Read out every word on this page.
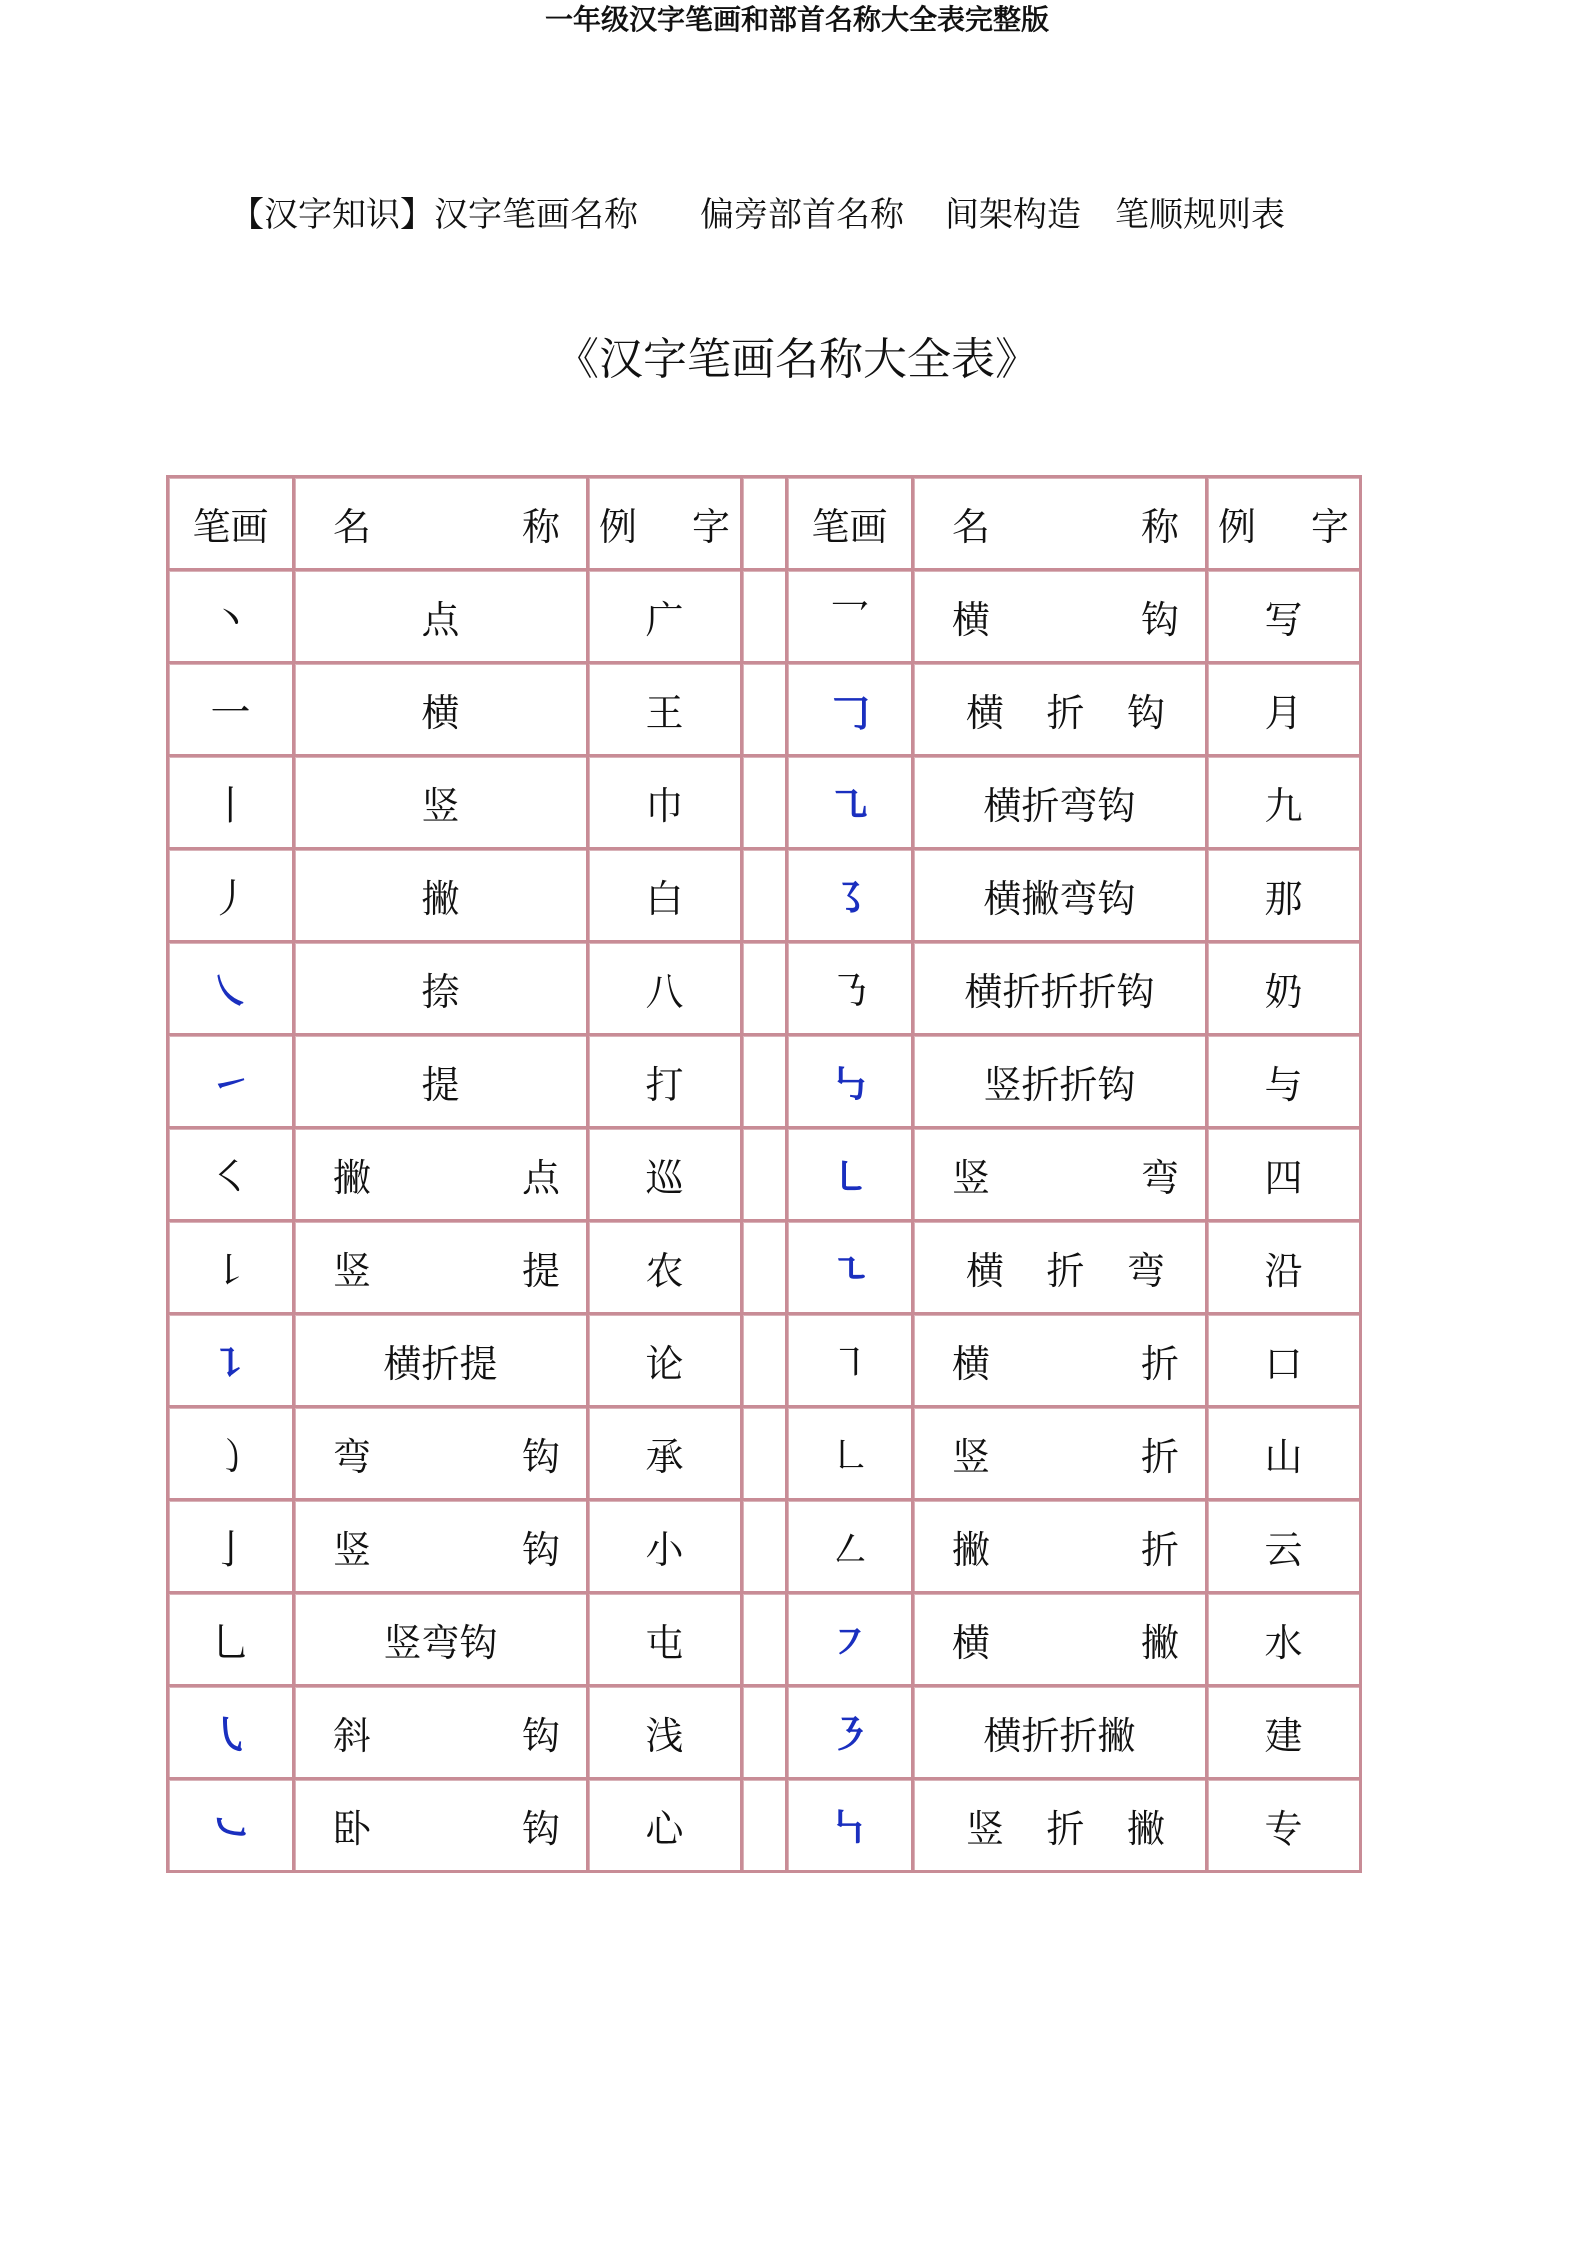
一年级汉字笔画和部首名称大全表完整版
【汉字知识】汉字笔画名称	偏旁部首名称	间架构造	笔顺规则表
《汉字笔画名称大全表》
笔画	名 称	例 字		笔画	名 称	例 字

丶	点	广		乛	横 钩	写
一	横	王		𠃌	横 折 钩	月
丨	竖	巾		㇈	横折弯钩	九
丿	撇	白		㇌	横撇弯钩	那
㇏	捺	八		㇡	横折折折钩	奶
㇀	提	打		㇉	竖折折钩	与
㇛	撇 点	巡		㇄	竖 弯	四
㇙	竖 提	农		㇍	横 折 弯	沿
㇊	横折提	论		㇕	横 折	口
㇁	弯 钩	承		㇗	竖 折	山
亅	竖 钩	小		㇜	撇 折	云
乚	竖弯钩	屯		㇇	横 撇	水
㇂	斜 钩	浅		㇋	横折折撇	建
㇃	卧 钩	心		㇞	竖 折 撇	专
